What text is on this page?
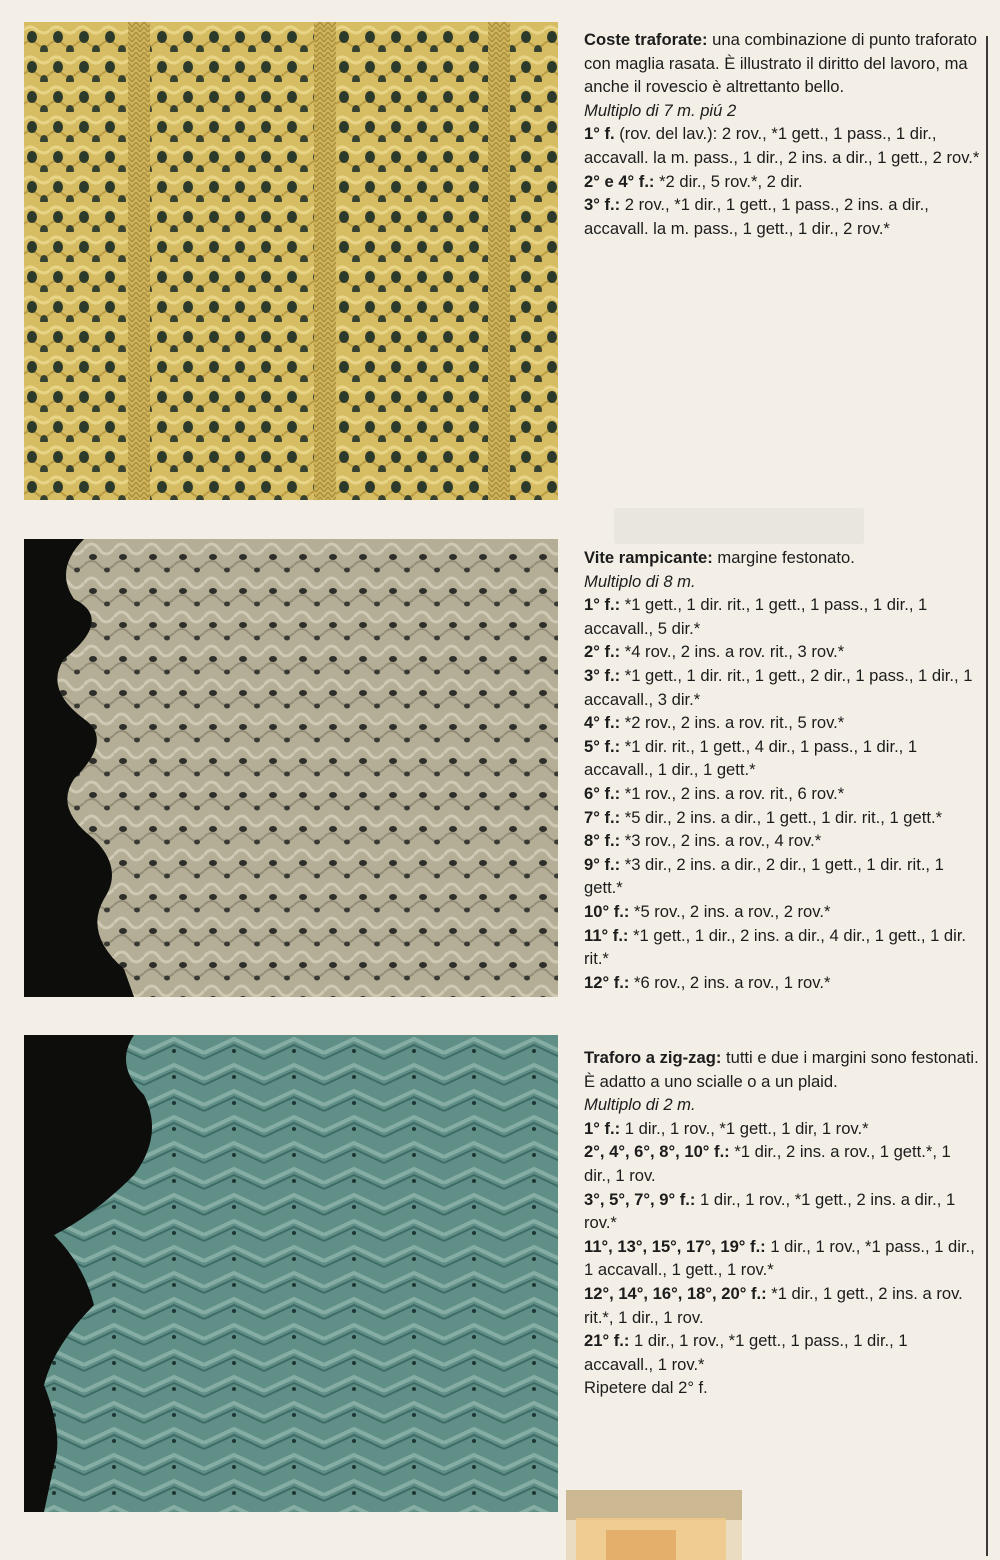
Coste traforate: una combinazione di punto traforato con maglia rasata. È illustrato il diritto del lavoro, ma anche il rovescio è altrettanto bello.

Multiplo di 7 m. piú 2

1° f. (rov. del lav.): 2 rov., *1 gett., 1 pass., 1 dir., accavall. la m. pass., 1 dir., 2 ins. a dir., 1 gett., 2 rov.*

2° e 4° f.: *2 dir., 5 rov.*, 2 dir.

3° f.: 2 rov., *1 dir., 1 gett., 1 pass., 2 ins. a dir., accavall. la m. pass., 1 gett., 1 dir., 2 rov.*

Vite rampicante: margine festonato.

Multiplo di 8 m.

1° f.: *1 gett., 1 dir. rit., 1 gett., 1 pass., 1 dir., 1 accavall., 5 dir.*

2° f.: *4 rov., 2 ins. a rov. rit., 3 rov.*

3° f.: *1 gett., 1 dir. rit., 1 gett., 2 dir., 1 pass., 1 dir., 1 accavall., 3 dir.*

4° f.: *2 rov., 2 ins. a rov. rit., 5 rov.*

5° f.: *1 dir. rit., 1 gett., 4 dir., 1 pass., 1 dir., 1 accavall., 1 dir., 1 gett.*

6° f.: *1 rov., 2 ins. a rov. rit., 6 rov.*

7° f.: *5 dir., 2 ins. a dir., 1 gett., 1 dir. rit., 1 gett.*

8° f.: *3 rov., 2 ins. a rov., 4 rov.*

9° f.: *3 dir., 2 ins. a dir., 2 dir., 1 gett., 1 dir. rit., 1 gett.*

10° f.: *5 rov., 2 ins. a rov., 2 rov.*

11° f.: *1 gett., 1 dir., 2 ins. a dir., 4 dir., 1 gett., 1 dir. rit.*

12° f.: *6 rov., 2 ins. a rov., 1 rov.*

Traforo a zig-zag: tutti e due i margini sono festonati. È adatto a uno scialle o a un plaid.

Multiplo di 2 m.

1° f.: 1 dir., 1 rov., *1 gett., 1 dir, 1 rov.*

2°, 4°, 6°, 8°, 10° f.: *1 dir., 2 ins. a rov., 1 gett.*, 1 dir., 1 rov.

3°, 5°, 7°, 9° f.: 1 dir., 1 rov., *1 gett., 2 ins. a dir., 1 rov.*

11°, 13°, 15°, 17°, 19° f.: 1 dir., 1 rov., *1 pass., 1 dir., 1 accavall., 1 gett., 1 rov.*

12°, 14°, 16°, 18°, 20° f.: *1 dir., 1 gett., 2 ins. a rov. rit.*, 1 dir., 1 rov.

21° f.: 1 dir., 1 rov., *1 gett., 1 pass., 1 dir., 1 accavall., 1 rov.*

Ripetere dal 2° f.
